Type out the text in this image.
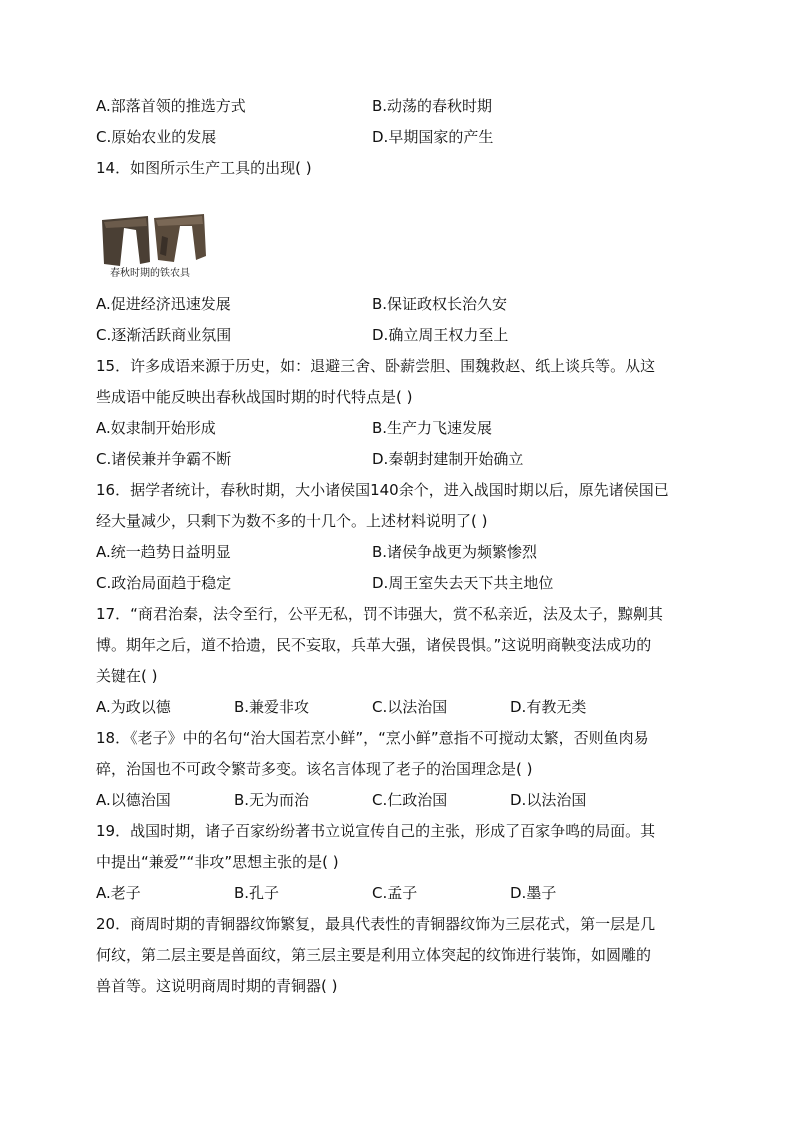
A.部落首领的推选方式	B.动荡的春秋时期
C.原始农业的发展	D.早期国家的产生
14．如图所示生产工具的出现( )
春秋时期的铁农具
A.促进经济迅速发展	B.保证政权长治久安
C.逐渐活跃商业氛围	D.确立周王权力至上
15．许多成语来源于历史，如：退避三舍、卧薪尝胆、围魏救赵、纸上谈兵等。从这
些成语中能反映出春秋战国时期的时代特点是( )
A.奴隶制开始形成	B.生产力飞速发展
C.诸侯兼并争霸不断	D.秦朝封建制开始确立
16．据学者统计，春秋时期，大小诸侯国140余个，进入战国时期以后，原先诸侯国已
经大量减少，只剩下为数不多的十几个。上述材料说明了( )
A.统一趋势日益明显	B.诸侯争战更为频繁惨烈
C.政治局面趋于稳定	D.周王室失去天下共主地位
17．“商君治秦，法令至行，公平无私，罚不讳强大，赏不私亲近，法及太子，黥劓其
博。期年之后，道不拾遗，民不妄取，兵革大强，诸侯畏惧。”这说明商鞅变法成功的
关键在( )
A.为政以德	B.兼爱非攻	C.以法治国	D.有教无类
18．《老子》中的名句“治大国若烹小鲜”，“烹小鲜”意指不可搅动太繁，否则鱼肉易
碎，治国也不可政令繁苛多变。该名言体现了老子的治国理念是( )
A.以德治国	B.无为而治	C.仁政治国	D.以法治国
19．战国时期，诸子百家纷纷著书立说宣传自己的主张，形成了百家争鸣的局面。其
中提出“兼爱”“非攻”思想主张的是( )
A.老子	B.孔子	C.孟子	D.墨子
20．商周时期的青铜器纹饰繁复，最具代表性的青铜器纹饰为三层花式，第一层是几
何纹，第二层主要是兽面纹，第三层主要是利用立体突起的纹饰进行装饰，如圆雕的
兽首等。这说明商周时期的青铜器( )
